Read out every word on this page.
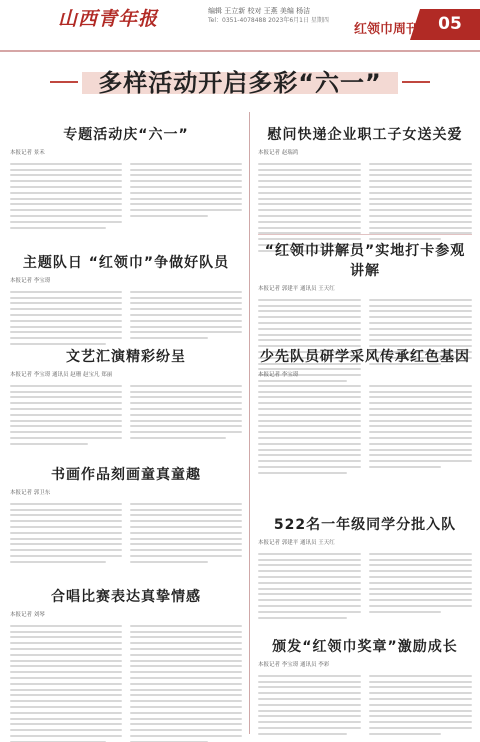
山西青年报	编辑 王立新 校对 王燕 美编 杨洁
Tel：0351-4078488 2023年6月1日 星期四
红领巾周刊	05
多样活动开启多彩“六一”
专题活动庆“六一”
本报记者 景禾
主题队日 “红领巾”争做好队员
本报记者 李宝璟
文艺汇演精彩纷呈
本报记者 李宝璟 通讯员 赵珊 赵宝凡 郑丽
书画作品刻画童真童趣
本报记者 郭卫东
合唱比赛表达真挚情感
本报记者 刘琴
慰问快递企业职工子女送关爱
本报记者 赵瑞鸿
“红领巾讲解员”实地打卡参观讲解
本报记者 郭建平 通讯员 王天红
少先队员研学采风传承红色基因
本报记者 李宝璟
522名一年级同学分批入队
本报记者 郭建平 通讯员 王天红
颁发“红领巾奖章”激励成长
本报记者 李宝璟 通讯员 李彩
